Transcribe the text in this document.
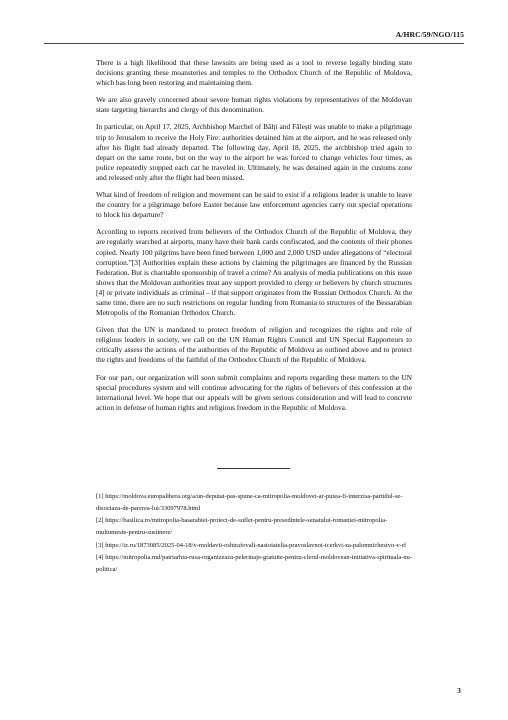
A/HRC/59/NGO/115

There is a high likelihood that these lawsuits are being used as a tool to reverse legally binding state decisions granting these moansteries and temples to the Orthodox Church of the Republic of Moldova, which has long been restoring and maintaining them.

We are also gravely concerned about severe human rights violations by representatives of the Moldovan state targeting hierarchs and clergy of this denomination.

In particular, on April 17, 2025, Archbishop Marchel of Bălți and Fălești was unable to make a pilgrimage trip to Jerusalem to receive the Holy Fire: authorities detained him at the airport, and he was released only after his flight had already departed. The following day, April 18, 2025, the archbishop tried again to depart on the same route, but on the way to the airport he was forced to change vehicles four times, as police repeatedly stopped each car he traveled in. Ultimately, he was detained again in the customs zone and released only after the flight had been missed.

What kind of freedom of religion and movement can be said to exist if a religious leader is unable to leave the country for a pilgrimage before Easter because law enforcement agencies carry out special operations to block his departure?

According to reports received from believers of the Orthodox Church of the Republic of Moldova, they are regularly searched at airports, many have their bank cards confiscated, and the contents of their phones copied. Nearly 100 pilgrims have been fined between 1,000 and 2,000 USD under allegations of “electoral corruption.”[3] Authorities explain these actions by claiming the pilgrimages are financed by the Russian Federation. But is charitable sponsorship of travel a crime? An analysis of media publications on this issue shows that the Moldovan authorities treat any support provided to clergy or believers by church structures [4] or private individuals as criminal – if that support originates from the Russian Orthodox Church. At the same time, there are no such restrictions on regular funding from Romania to structures of the Bessarabian Metropolis of the Romanian Orthodox Church.

Given that the UN is mandated to protect freedom of religion and recognizes the rights and role of religious leaders in society, we call on the UN Human Rights Council and UN Special Rapporteurs to critically assess the actions of the authorities of the Republic of Moldova as outlined above and to protect the rights and freedoms of the faithful of the Orthodox Church of the Republic of Moldova.

For our part, our organization will soon submit complaints and reports regarding these matters to the UN special procedures system and will continue advocating for the rights of believers of this confession at the international level. We hope that our appeals will be given serious consideration and will lead to concrete action in defense of human rights and religious freedom in the Republic of Moldova.

[1] https://moldova.europalibera.org/a/un-deputat-pas-spune-ca-mitropolia-moldovei-ar-putea-fi-interzisa-partidul-se-disociaza-de-parerea-lui/33097978.html

[2] https://basilica.ro/mitropolia-basarabiei-proiect-de-suflet-pentru-presedintele-senatului-romaniei-mitropolia-multumeste-pentru-sustinere/

[3] https://iz.ru/1873085/2025-04-18/v-moldavii-oshtrafovali-nastoiatelia-pravoslavnoi-tcerkvi-za-palomnichestvo-v-rf

[4] https://mitropolia.md/patriarhia-rusa-organizeaza-pelerinaje-gratuite-pentru-clerul-moldovean-initiativa-spirituala-nu-politica/

3
